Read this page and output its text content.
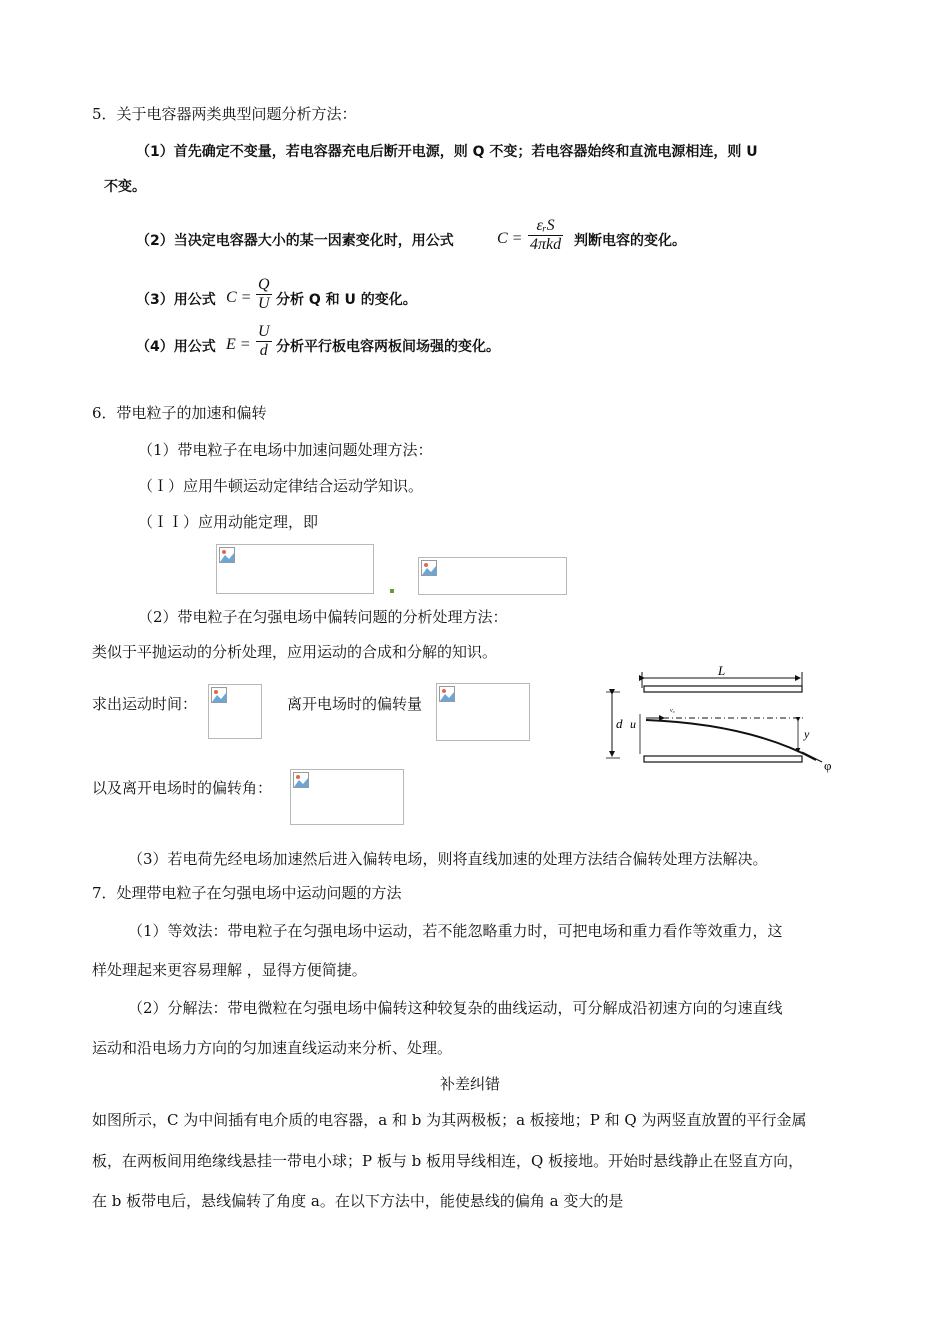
5．关于电容器两类典型问题分析方法：
（1）首先确定不变量，若电容器充电后断开电源，则 Q 不变；若电容器始终和直流电源相连，则 U
不变。
（2）当决定电容器大小的某一因素变化时，用公式	C =
εᵣS
4πkd 判断电容的变化。
（3）用公式 $C = \frac{Q}{U}$ 分析 Q 和 U 的变化。
（4）用公式 $E = \frac{U}{d}$ 分析平行板电容两板间场强的变化。
6．带电粒子的加速和偏转
（1）带电粒子在电场中加速问题处理方法：
（Ｉ）应用牛顿运动定律结合运动学知识。
（ＩＩ）应用动能定理，即
（2）带电粒子在匀强电场中偏转问题的分析处理方法：
类似于平抛运动的分析处理，应用运动的合成和分解的知识。
求出运动时间：	离开电场时的偏转量
L
d u
v₀
y
φ
以及离开电场时的偏转角：
（3）若电荷先经电场加速然后进入偏转电场，则将直线加速的处理方法结合偏转处理方法解决。
7．处理带电粒子在匀强电场中运动问题的方法
（1）等效法：带电粒子在匀强电场中运动，若不能忽略重力时，可把电场和重力看作等效重力，这
样处理起来更容易理解 ，显得方便简捷。
（2）分解法：带电微粒在匀强电场中偏转这种较复杂的曲线运动，可分解成沿初速方向的匀速直线
运动和沿电场力方向的匀加速直线运动来分析、处理。
补差纠错
如图所示，C 为中间插有电介质的电容器，a 和 b 为其两极板；a 板接地；P 和 Q 为两竖直放置的平行金属
板，在两板间用绝缘线悬挂一带电小球；P 板与 b 板用导线相连，Q 板接地。开始时悬线静止在竖直方向，
在 b 板带电后，悬线偏转了角度 a。在以下方法中，能使悬线的偏角 a 变大的是
